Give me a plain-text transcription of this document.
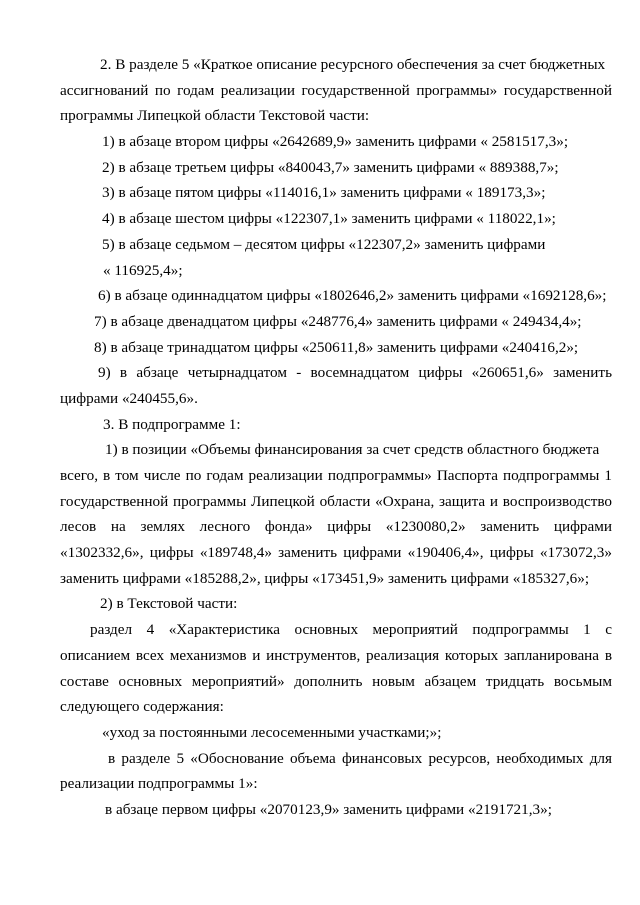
2. В разделе 5 «Краткое описание ресурсного обеспечения за счет бюджетных
ассигнований по годам реализации государственной программы» государственной
программы Липецкой области Текстовой части:
1) в абзаце втором цифры «2642689,9» заменить цифрами « 2581517,3»;
2) в абзаце третьем цифры «840043,7» заменить цифрами « 889388,7»;
3) в абзаце пятом цифры «114016,1» заменить цифрами « 189173,3»;
4) в абзаце шестом цифры «122307,1» заменить цифрами « 118022,1»;
5) в абзаце седьмом – десятом цифры «122307,2» заменить цифрами
« 116925,4»;
6) в абзаце одиннадцатом цифры «1802646,2» заменить цифрами «1692128,6»;
7) в абзаце двенадцатом цифры «248776,4» заменить цифрами « 249434,4»;
8) в абзаце тринадцатом цифры «250611,8» заменить цифрами «240416,2»;
9) в абзаце четырнадцатом - восемнадцатом цифры «260651,6» заменить
цифрами «240455,6».
3. В подпрограмме 1:
1) в позиции «Объемы финансирования за счет средств областного бюджета
всего, в том числе по годам реализации подпрограммы» Паспорта подпрограммы 1
государственной программы Липецкой области «Охрана, защита и воспроизводство
лесов на землях лесного фонда» цифры «1230080,2» заменить цифрами
«1302332,6», цифры «189748,4» заменить цифрами «190406,4», цифры «173072,3»
заменить цифрами «185288,2», цифры «173451,9» заменить цифрами «185327,6»;
2) в Текстовой части:
раздел 4 «Характеристика основных мероприятий подпрограммы 1 с
описанием всех механизмов и инструментов, реализация которых запланирована в
составе основных мероприятий» дополнить новым абзацем тридцать восьмым
следующего содержания:
«уход за постоянными лесосеменными участками;»;
в разделе 5 «Обоснование объема финансовых ресурсов, необходимых для
реализации подпрограммы 1»:
в абзаце первом цифры «2070123,9» заменить цифрами «2191721,3»;
